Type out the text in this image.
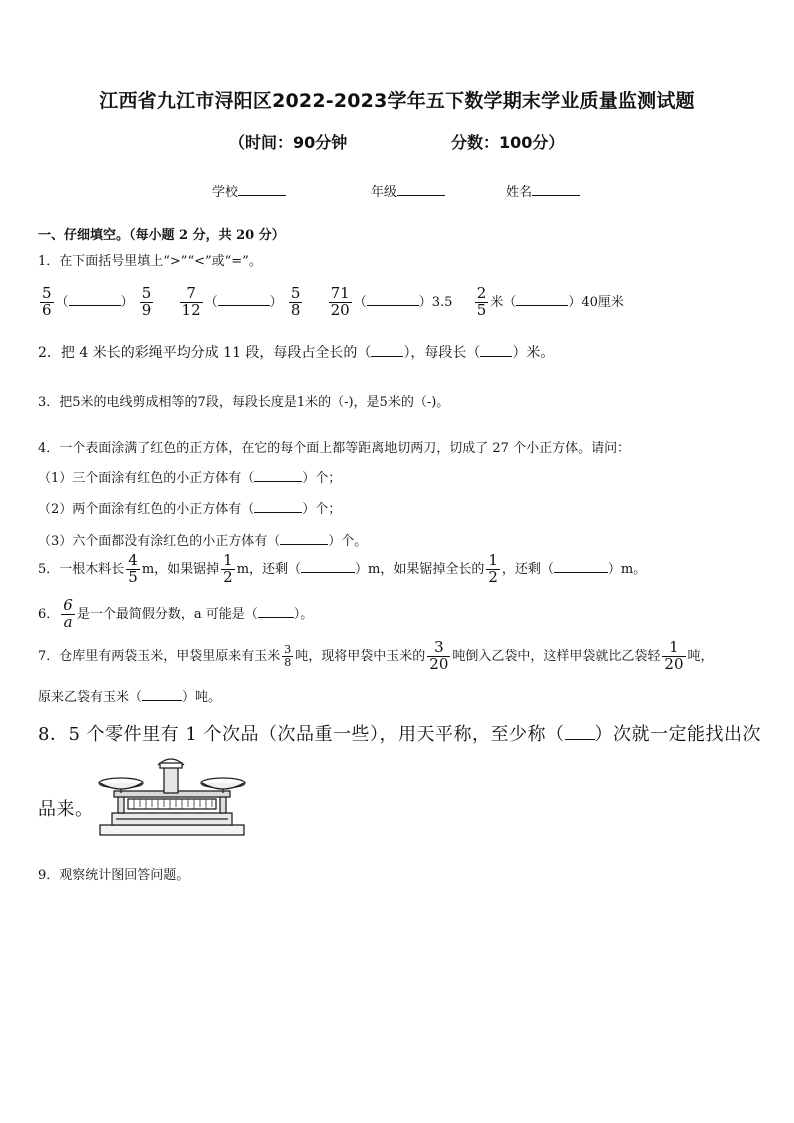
江西省九江市浔阳区2022-2023学年五下数学期末学业质量监测试题
（时间：90分钟	分数：100分）
学校	年级	姓名
一、仔细填空。（每小题 2 分，共 20 分）
1．在下面括号里填上“>”“<”或“=”。
$\frac{5}{6}$ （	） $\frac{5}{9}$
$\frac{7}{12}$ （	） $\frac{5}{8}$
$\frac{71}{20}$ （	）$3.5 \frac{2}{5}$ 米（	）40厘米
2．把 4 米长的彩绳平均分成 11 段，每段占全长的（ ），每段长（ ）米。
3．把5米的电线剪成相等的7段，每段长度是1米的（-)，是5米的（-)。
4．一个表面涂满了红色的正方体，在它的每个面上都等距离地切两刀，切成了 27 个小正方体。请问：
（1）三个面涂有红色的小正方体有（	）个；
（2）两个面涂有红色的小正方体有（	）个；
（3）六个面都没有涂红色的小正方体有（	）个。
5．一根木料长 $\frac{4}{5}$ m，如果锯掉 $\frac{1}{2}$ m，还剩（	）m，如果锯掉全长的 $\frac{1}{2}$ ，还剩（	）m。
6． $\frac{6}{a}$ 是一个最简假分数，a 可能是（	）。
7．仓库里有两袋玉米，甲袋里原来有玉米 $\frac{3}{8}$ 吨，现将甲袋中玉米的 $\frac{3}{20}$ 吨倒入乙袋中，这样甲袋就比乙袋轻 $\frac{1}{20}$ 吨，
原来乙袋有玉米（	）吨。
8．5 个零件里有 1 个次品（次品重一些），用天平称，至少称（ ）次就一定能找出次
品来。
9．观察统计图回答问题。
